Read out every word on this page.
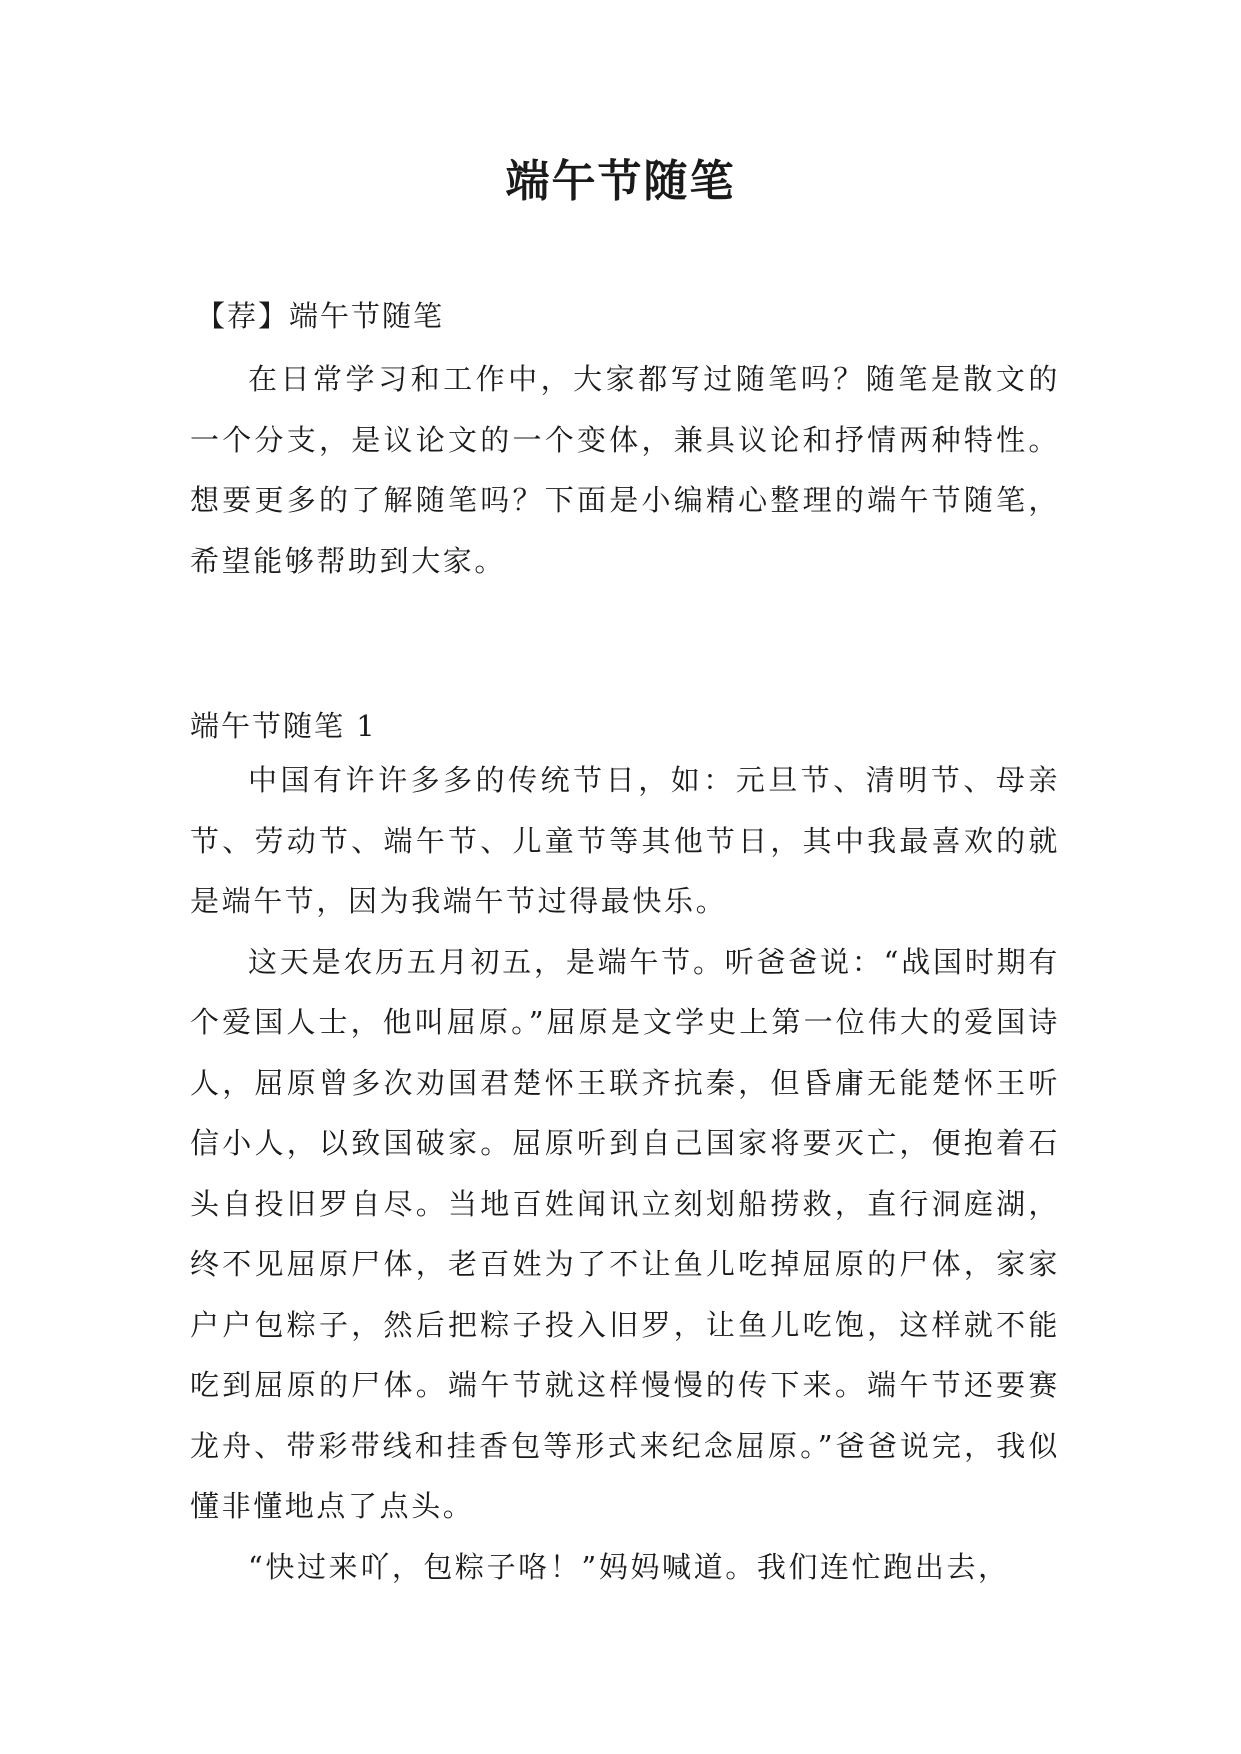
端午节随笔
【荐】端午节随笔

在日常学习和工作中，大家都写过随笔吗？随笔是散文的一个分支，是议论文的一个变体，兼具议论和抒情两种特性。想要更多的了解随笔吗？下面是小编精心整理的端午节随笔，希望能够帮助到大家。

端午节随笔 1

中国有许许多多的传统节日，如：元旦节、清明节、母亲节、劳动节、端午节、儿童节等其他节日，其中我最喜欢的就是端午节，因为我端午节过得最快乐。

这天是农历五月初五，是端午节。听爸爸说：“战国时期有个爱国人士，他叫屈原。”屈原是文学史上第一位伟大的爱国诗人，屈原曾多次劝国君楚怀王联齐抗秦，但昏庸无能楚怀王听信小人，以致国破家。屈原听到自己国家将要灭亡，便抱着石头自投旧罗自尽。当地百姓闻讯立刻划船捞救，直行洞庭湖，终不见屈原尸体，老百姓为了不让鱼儿吃掉屈原的尸体，家家户户包粽子，然后把粽子投入旧罗，让鱼儿吃饱，这样就不能吃到屈原的尸体。端午节就这样慢慢的传下来。端午节还要赛龙舟、带彩带线和挂香包等形式来纪念屈原。”爸爸说完，我似懂非懂地点了点头。

“快过来吖，包粽子咯！”妈妈喊道。我们连忙跑出去，
